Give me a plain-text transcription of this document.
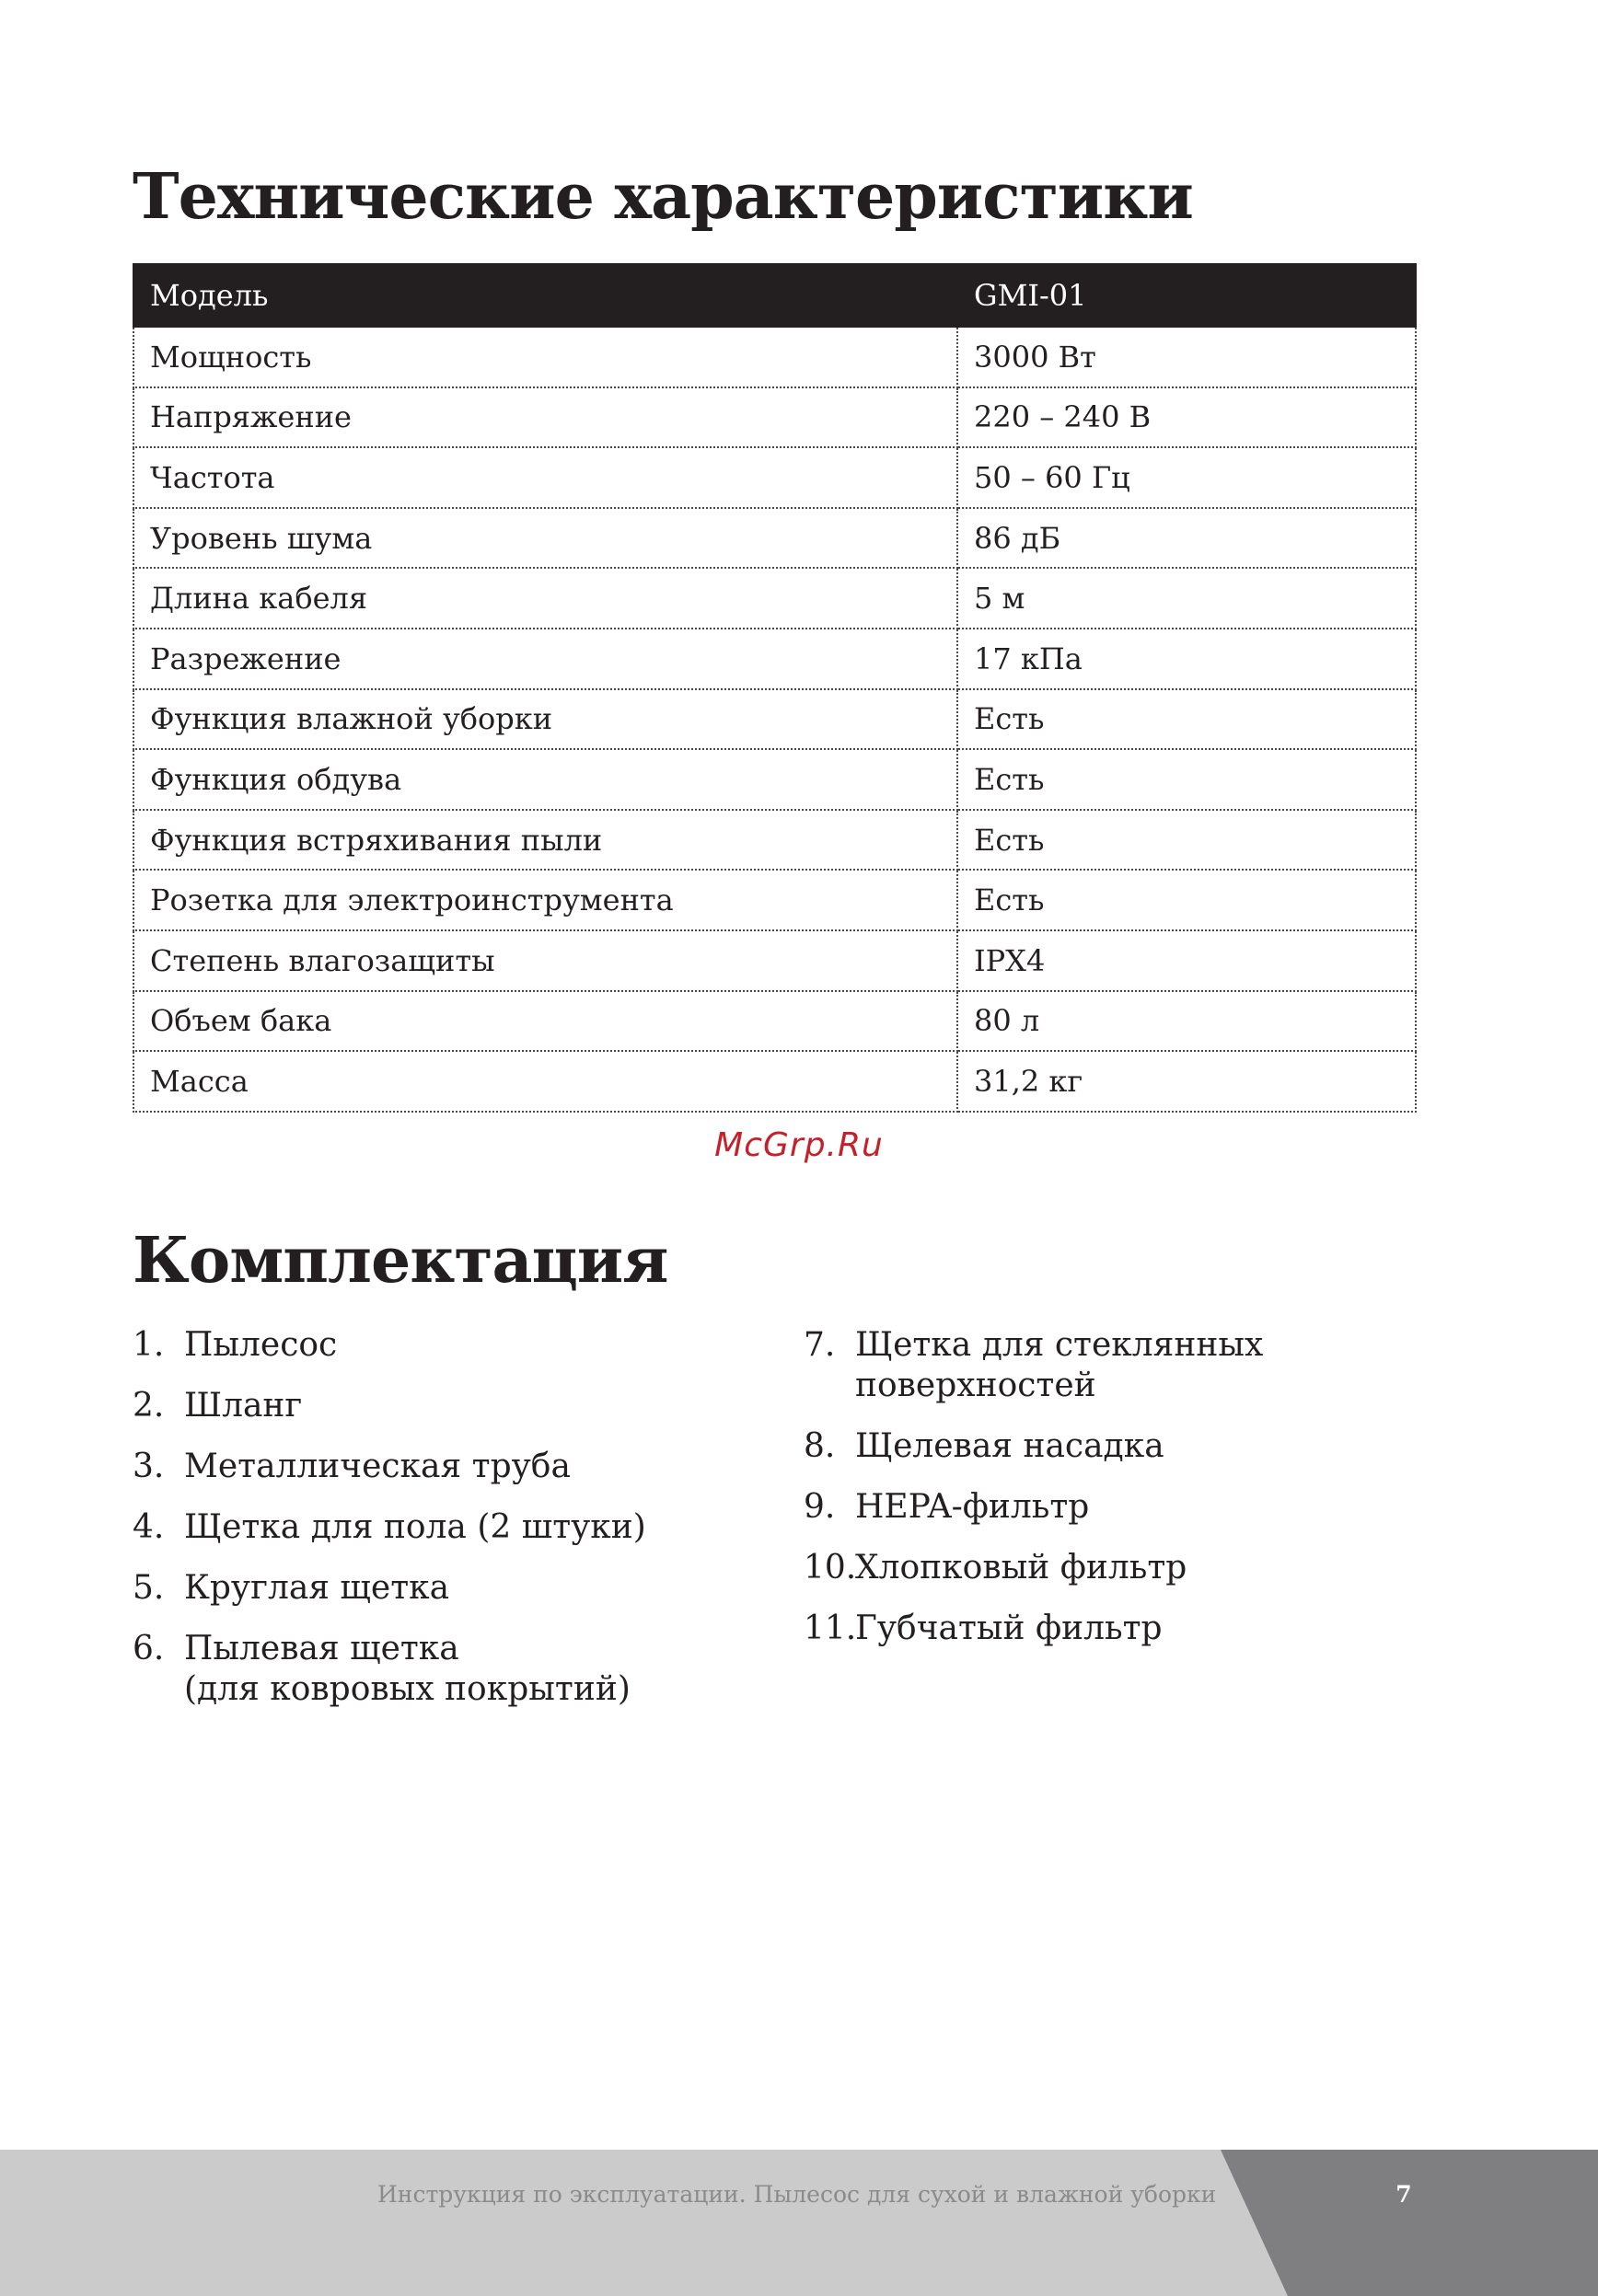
Технические характеристики
Модель	GMI-01
Мощность	3000 Вт
Напряжение	220 – 240 В
Частота	50 – 60 Гц
Уровень шума	86 дБ
Длина кабеля	5 м
Разрежение	17 кПа
Функция влажной уборки	Есть
Функция обдува	Есть
Функция встряхивания пыли	Есть
Розетка для электроинструмента	Есть
Степень влагозащиты	IPX4
Объем бака	80 л
Масса	31,2 кг
McGrp.Ru
Комплектация
1. Пылесос
2. Шланг
3. Металлическая труба
4. Щетка для пола (2 штуки)
5. Круглая щетка
6. Пылевая щетка
(для ковровых покрытий)
7. Щетка для стеклянных
поверхностей
8. Щелевая насадка
9. HEPA-фильтр
10.
Хлопковый фильтр
11.
Губчатый фильтр
Инструкция по эксплуатации. Пылесос для сухой и влажной уборки	7
